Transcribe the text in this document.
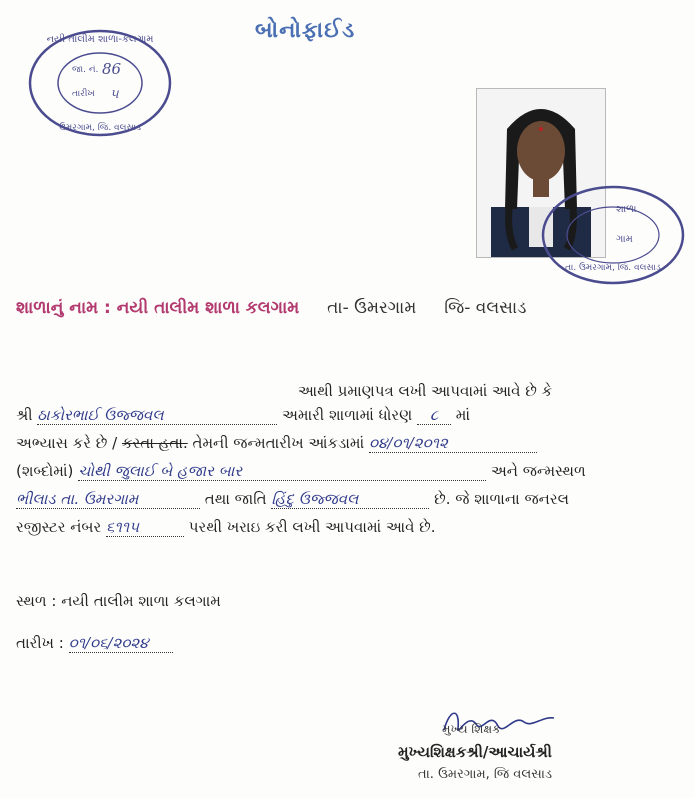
નયી તાલીમ શાળા-કલગામ
જા. નં. 86
તારીખ ૫
ઉમરગામ, જિ. વલસાડ
બોનોફાઈડ
શાળા
ગામ
તા. ઉમરગામ, જિ. વલસાડ
શાળાનું નામ : નયી તાલીમ શાળા કલગામ તા- ઉમરગામ જિ- વલસાડ
આથી પ્રમાણપત્ર લખી આપવામાં આવે છે કે
શ્રી ઠાકોરભાઈ ઉજ્જવલ	અમારી શાળામાં ધોરણ ૮ માં
અભ્યાસ કરે છે / કરતા હતા. તેમની જન્મતારીખ આંકડામાં ૦૪/૦૧/૨૦૧૨
(શબ્દોમાં) ચોથી જુલાઈ બે હજાર બાર	અને જન્મસ્થળ
ભીલાડ તા. ઉમરગામ	તથા જાતિ હિંદુ ઉજ્જવલ	છે. જે શાળાના જનરલ
રજીસ્ટર નંબર ૬૧૧૫	પરથી ખરાઇ કરી લખી આપવામાં આવે છે.
સ્થળ : નયી તાલીમ શાળા કલગામ
તારીખ : ૦૧/૦૬/૨૦૨૪
મુખ્ય શિક્ષક
મુખ્યશિક્ષકશ્રી/આચાર્યશ્રી
તા. ઉમરગામ, જિ વલસાડ
